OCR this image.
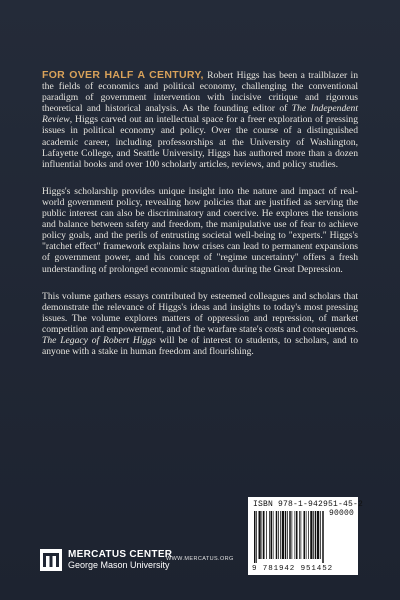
FOR OVER HALF A CENTURY, Robert Higgs has been a trailblazer in the fields of economics and political economy, challenging the conventional paradigm of government intervention with incisive critique and rigorous theoretical and historical analysis. As the founding editor of The Independent Review, Higgs carved out an intellectual space for a freer exploration of pressing issues in political economy and policy. Over the course of a distinguished academic career, including professorships at the University of Washington, Lafayette College, and Seattle University, Higgs has authored more than a dozen influential books and over 100 scholarly articles, reviews, and policy studies.

Higgs's scholarship provides unique insight into the nature and impact of real-world government policy, revealing how policies that are justified as serving the public interest can also be discriminatory and coercive. He explores the tensions and balance between safety and freedom, the manipulative use of fear to achieve policy goals, and the perils of entrusting societal well-being to "experts." Higgs's "ratchet effect" framework explains how crises can lead to permanent expansions of government power, and his concept of "regime uncertainty" offers a fresh understanding of prolonged economic stagnation during the Great Depression.

This volume gathers essays contributed by esteemed colleagues and scholars that demonstrate the relevance of Higgs's ideas and insights to today's most pressing issues. The volume explores matters of oppression and repression, of market competition and empowerment, and of the warfare state's costs and consequences. The Legacy of Robert Higgs will be of interest to students, to scholars, and to anyone with a stake in human freedom and flourishing.

ISBN 978-1-942951-45-2
90000
9 781942 951452
MERCATUS CENTER
George Mason University
WWW.MERCATUS.ORG
